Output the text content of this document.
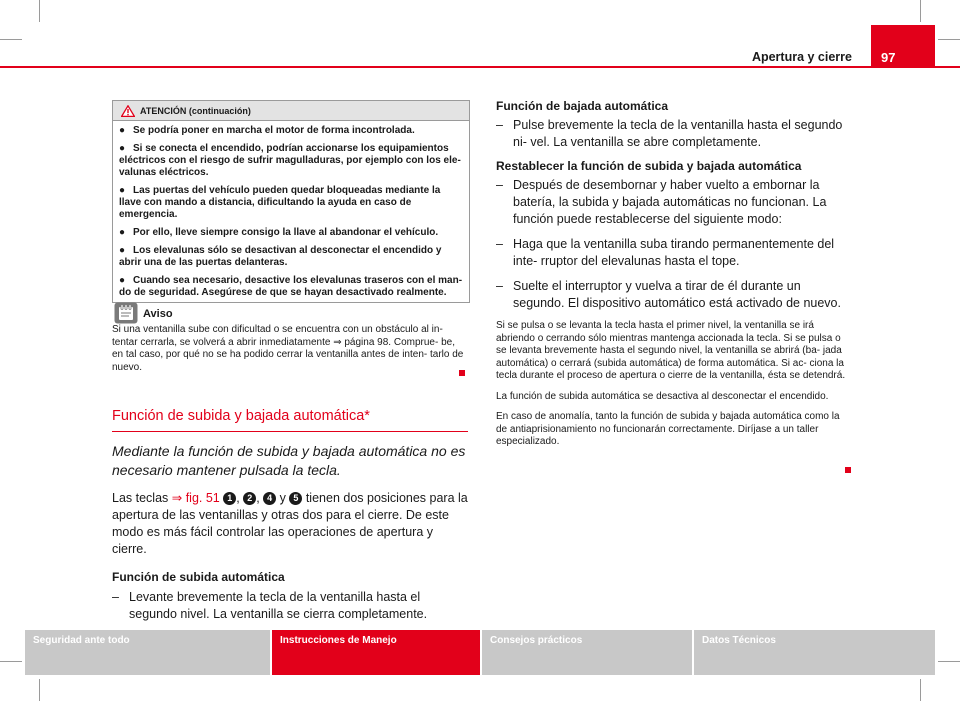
Apertura y cierre	97
ATENCIÓN (continuación)
● Se podría poner en marcha el motor de forma incontrolada.
● Si se conecta el encendido, podrían accionarse los equipamientos eléctricos con el riesgo de sufrir magulladuras, por ejemplo con los ele- valunas eléctricos.
● Las puertas del vehículo pueden quedar bloqueadas mediante la llave con mando a distancia, dificultando la ayuda en caso de emergencia.
● Por ello, lleve siempre consigo la llave al abandonar el vehículo.
● Los elevalunas sólo se desactivan al desconectar el encendido y abrir una de las puertas delanteras.
● Cuando sea necesario, desactive los elevalunas traseros con el man- do de seguridad. Asegúrese de que se hayan desactivado realmente.
Aviso
Si una ventanilla sube con dificultad o se encuentra con un obstáculo al in- tentar cerrarla, se volverá a abrir inmediatamente ⇒ página 98. Comprue- be, en tal caso, por qué no se ha podido cerrar la ventanilla antes de inten- tarlo de nuevo.
Función de subida y bajada automática*
Mediante la función de subida y bajada automática no es necesario mantener pulsada la tecla.
Las teclas ⇒ fig. 51 1 , 2 , 4 y 5 tienen dos posiciones para la apertura de las ventanillas y otras dos para el cierre. De este modo es más fácil controlar las operaciones de apertura y cierre.
Función de subida automática
– Levante brevemente la tecla de la ventanilla hasta el segundo nivel. La ventanilla se cierra completamente.
Función de bajada automática
– Pulse brevemente la tecla de la ventanilla hasta el segundo ni- vel. La ventanilla se abre completamente.
Restablecer la función de subida y bajada automática
– Después de desembornar y haber vuelto a embornar la batería, la subida y bajada automáticas no funcionan. La función puede restablecerse del siguiente modo:
– Haga que la ventanilla suba tirando permanentemente del inte- rruptor del elevalunas hasta el tope.
– Suelte el interruptor y vuelva a tirar de él durante un segundo. El dispositivo automático está activado de nuevo.
Si se pulsa o se levanta la tecla hasta el primer nivel, la ventanilla se irá abriendo o cerrando sólo mientras mantenga accionada la tecla. Si se pulsa o se levanta brevemente hasta el segundo nivel, la ventanilla se abrirá (ba- jada automática) o cerrará (subida automática) de forma automática. Si ac- ciona la tecla durante el proceso de apertura o cierre de la ventanilla, ésta se detendrá.
La función de subida automática se desactiva al desconectar el encendido.
En caso de anomalía, tanto la función de subida y bajada automática como la de antiaprisionamiento no funcionarán correctamente. Diríjase a un taller especializado.
Seguridad ante todo	Instrucciones de Manejo	Consejos prácticos	Datos Técnicos
